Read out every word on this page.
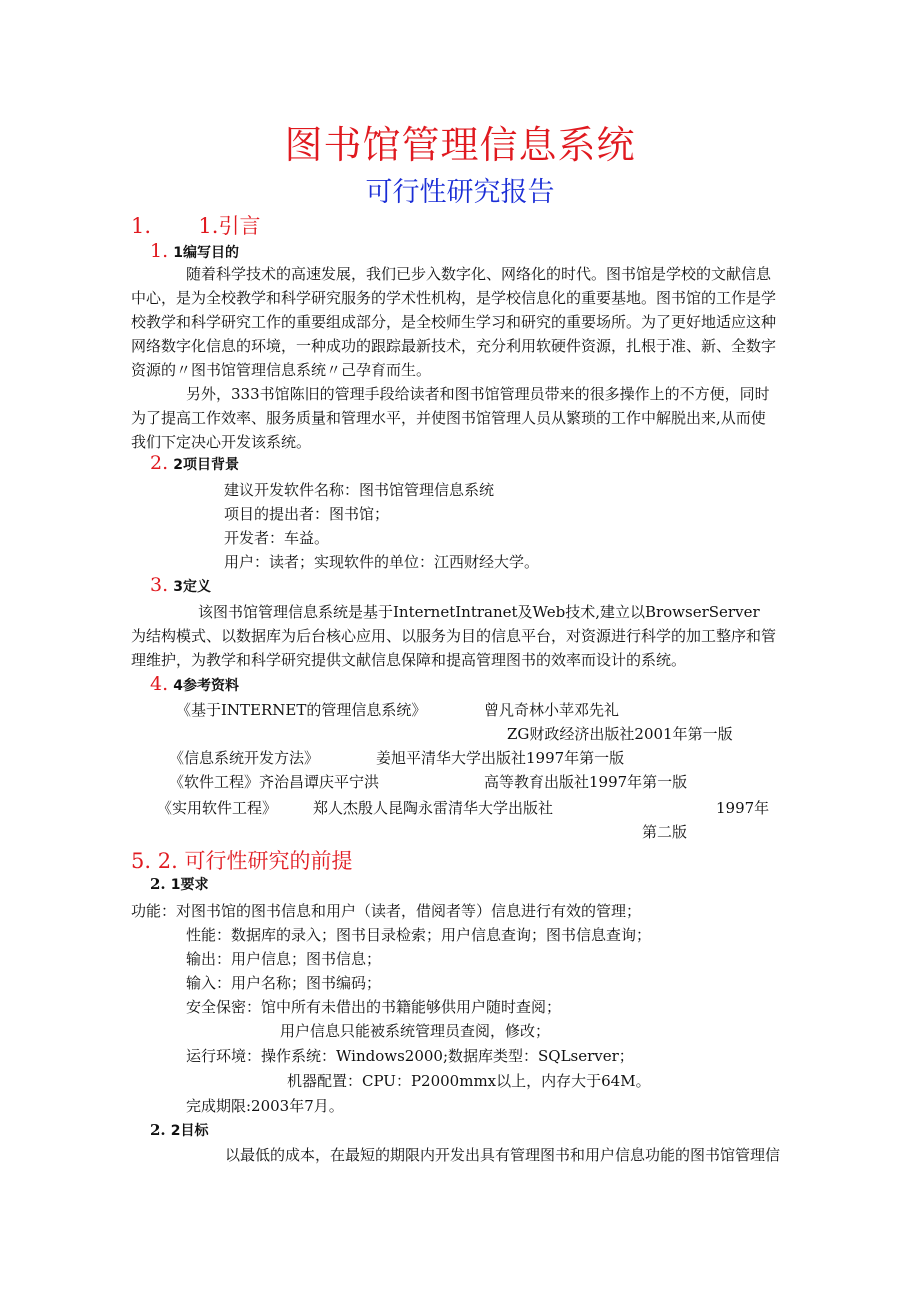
图书馆管理信息系统
可行性研究报告
1. 1.引言
1. 1编写目的
随着科学技术的高速发展，我们已步入数字化、网络化的时代。图书馆是学校的文献信息
中心，是为全校教学和科学研究服务的学术性机构，是学校信息化的重要基地。图书馆的工作是学
校教学和科学研究工作的重要组成部分，是全校师生学习和研究的重要场所。为了更好地适应这种
网络数字化信息的环境，一种成功的跟踪最新技术，充分利用软硬件资源，扎根于准、新、全数字
资源的〃图书馆管理信息系统〃己孕育而生。
另外，333书馆陈旧的管理手段给读者和图书馆管理员带来的很多操作上的不方便，同时
为了提高工作效率、服务质量和管理水平，并使图书馆管理人员从繁琐的工作中解脱出来,从而使
我们下定决心开发该系统。
2. 2项目背景
建议开发软件名称：图书馆管理信息系统
项目的提出者：图书馆；
开发者：车益。
用户：读者；实现软件的单位：江西财经大学。
3. 3定义
该图书馆管理信息系统是基于InternetIntranet及Web技术,建立以BrowserServer
为结构模式、以数据库为后台核心应用、以服务为目的信息平台，对资源进行科学的加工整序和管
理维护，为教学和科学研究提供文献信息保障和提高管理图书的效率而设计的系统。
4. 4参考资料
《基于INTERNET的管理信息系统》	曾凡奇林小苹邓先礼
ZG财政经济出版社2001年第一版
《信息系统开发方法》	姜旭平清华大学出版社1997年第一版
《软件工程》齐治昌谭庆平宁洪	高等教育出版社1997年第一版
《实用软件工程》 郑人杰殷人昆陶永雷清华大学出版社	1997年
第二版
5. 2. 可行性研究的前提
2. 1要求
功能：对图书馆的图书信息和用户（读者，借阅者等）信息进行有效的管理；
性能：数据库的录入；图书目录检索；用户信息查询；图书信息查询；
输出：用户信息；图书信息；
输入：用户名称；图书编码；
安全保密：馆中所有未借出的书籍能够供用户随时查阅；
用户信息只能被系统管理员查阅，修改；
运行环境：操作系统：Windows2000;数据库类型：SQLserver；
机器配置：CPU：P2000mmx以上，内存大于64M。
完成期限:2003年7月。
2. 2目标
以最低的成本，在最短的期限内开发出具有管理图书和用户信息功能的图书馆管理信
